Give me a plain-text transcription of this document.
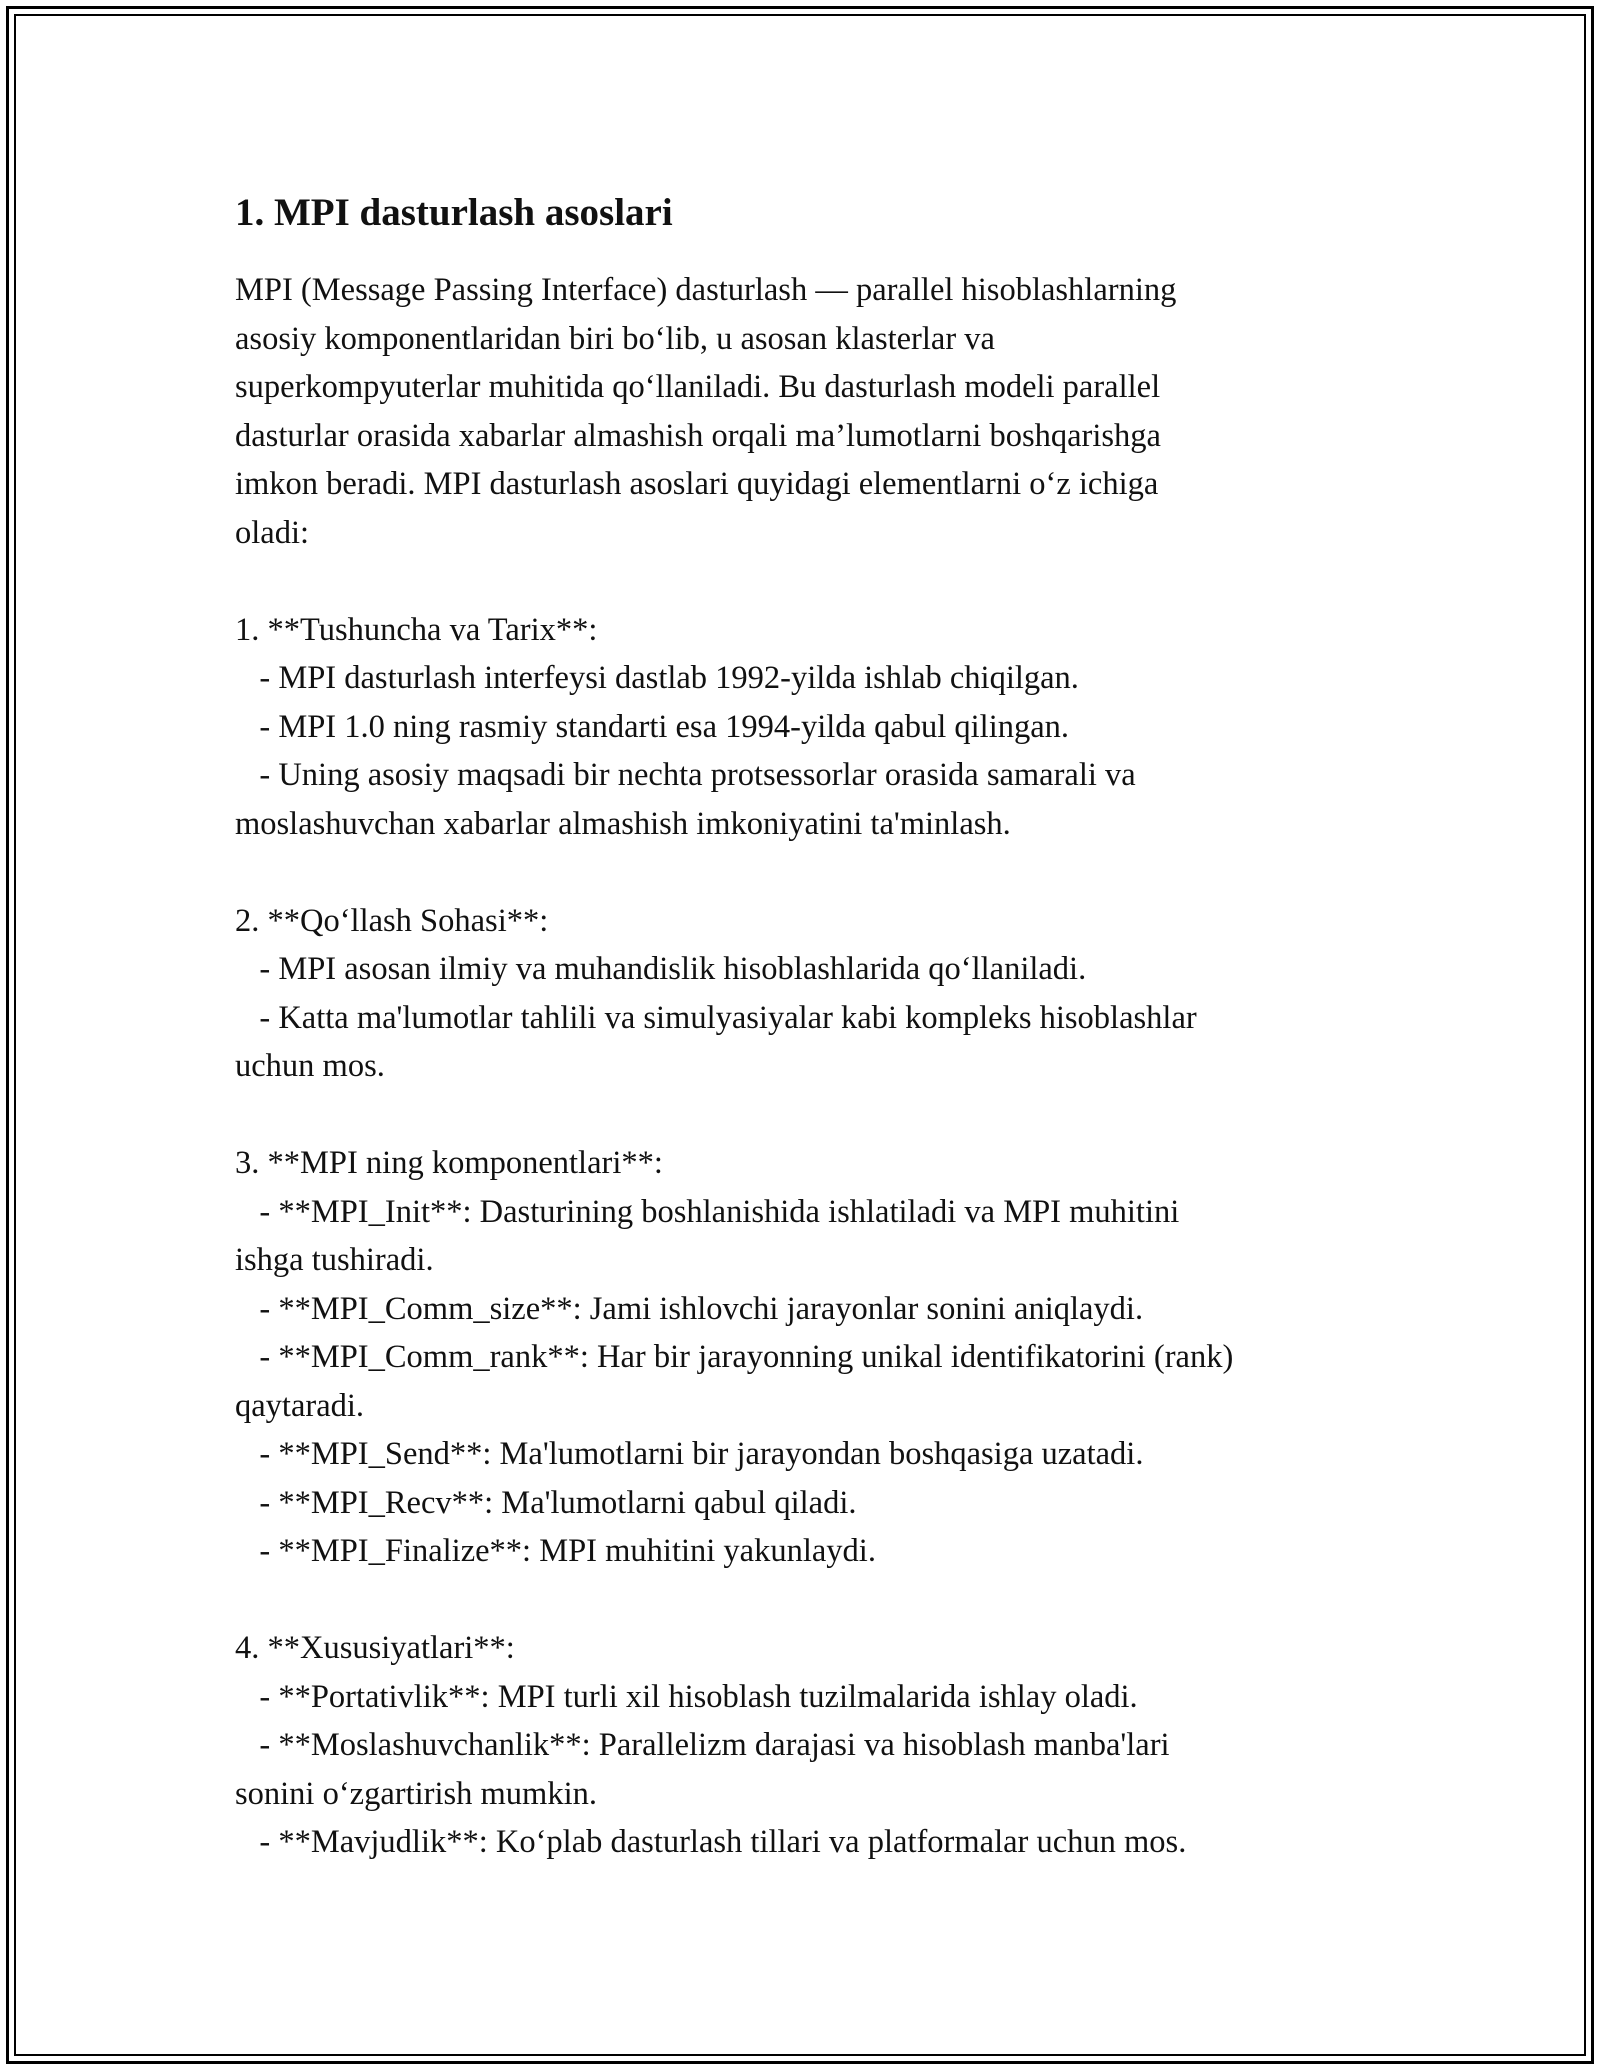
1. MPI dasturlash asoslari

MPI (Message Passing Interface) dasturlash — parallel hisoblashlarning
asosiy komponentlaridan biri bo‘lib, u asosan klasterlar va
superkompyuterlar muhitida qo‘llaniladi. Bu dasturlash modeli parallel
dasturlar orasida xabarlar almashish orqali ma’lumotlarni boshqarishga
imkon beradi. MPI dasturlash asoslari quyidagi elementlarni o‘z ichiga
oladi:

1. **Tushuncha va Tarix**:
- MPI dasturlash interfeysi dastlab 1992-yilda ishlab chiqilgan.
- MPI 1.0 ning rasmiy standarti esa 1994-yilda qabul qilingan.
- Uning asosiy maqsadi bir nechta protsessorlar orasida samarali va
moslashuvchan xabarlar almashish imkoniyatini ta'minlash.

2. **Qo‘llash Sohasi**:
- MPI asosan ilmiy va muhandislik hisoblashlarida qo‘llaniladi.
- Katta ma'lumotlar tahlili va simulyasiyalar kabi kompleks hisoblashlar
uchun mos.

3. **MPI ning komponentlari**:
- **MPI_Init**: Dasturining boshlanishida ishlatiladi va MPI muhitini
ishga tushiradi.
- **MPI_Comm_size**: Jami ishlovchi jarayonlar sonini aniqlaydi.
- **MPI_Comm_rank**: Har bir jarayonning unikal identifikatorini (rank)
qaytaradi.
- **MPI_Send**: Ma'lumotlarni bir jarayondan boshqasiga uzatadi.
- **MPI_Recv**: Ma'lumotlarni qabul qiladi.
- **MPI_Finalize**: MPI muhitini yakunlaydi.

4. **Xususiyatlari**:
- **Portativlik**: MPI turli xil hisoblash tuzilmalarida ishlay oladi.
- **Moslashuvchanlik**: Parallelizm darajasi va hisoblash manba'lari
sonini o‘zgartirish mumkin.
- **Mavjudlik**: Ko‘plab dasturlash tillari va platformalar uchun mos.
